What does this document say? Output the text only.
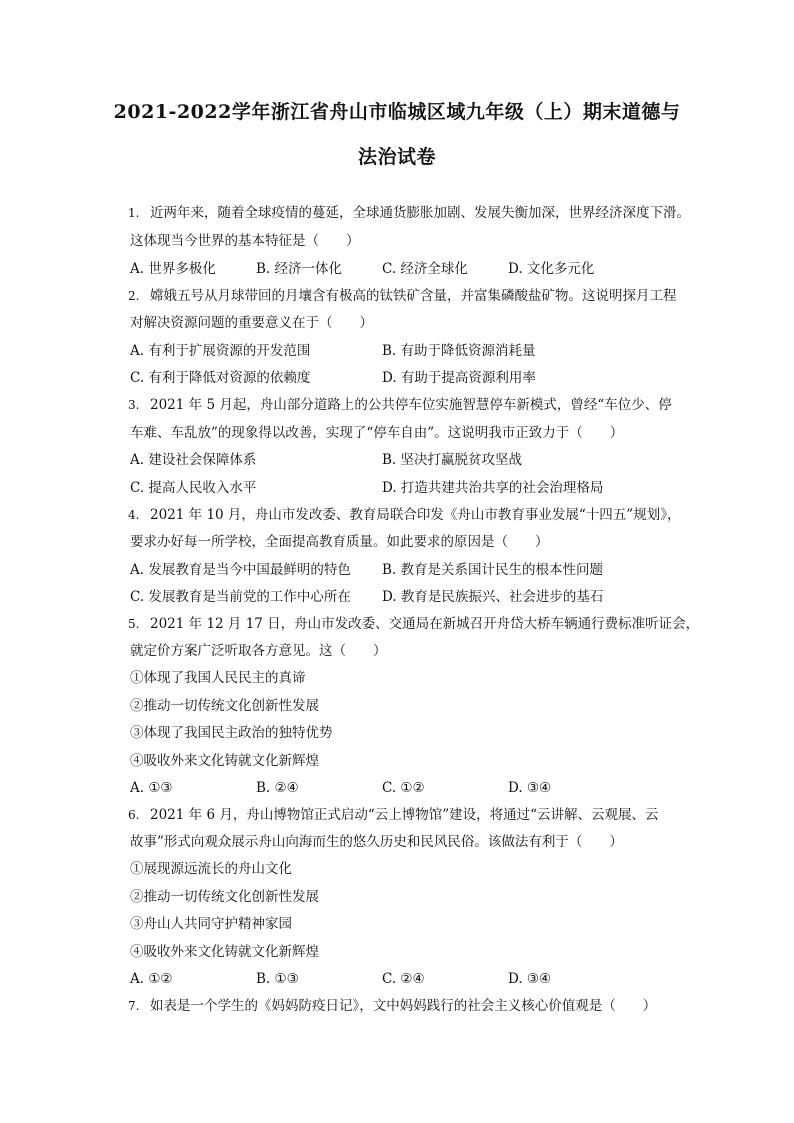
2021-2022学年浙江省舟山市临城区域九年级（上）期末道德与
法治试卷
1. 近两年来，随着全球疫情的蔓延，全球通货膨胀加剧、发展失衡加深，世界经济深度下滑。
这体现当今世界的基本特征是（　　）
A. 世界多极化	B. 经济一体化	C. 经济全球化	D. 文化多元化
2. 嫦娥五号从月球带回的月壤含有极高的钛铁矿含量，并富集磷酸盐矿物。这说明探月工程
对解决资源问题的重要意义在于（　　）
A. 有利于扩展资源的开发范围	B. 有助于降低资源消耗量
C. 有利于降低对资源的依赖度	D. 有助于提高资源利用率
3. 2021 年 5 月起，舟山部分道路上的公共停车位实施智慧停车新模式，曾经“车位少、停
车难、车乱放”的现象得以改善，实现了“停车自由”。这说明我市正致力于（　　）
A. 建设社会保障体系	B. 坚决打赢脱贫攻坚战
C. 提高人民收入水平	D. 打造共建共治共享的社会治理格局
4. 2021 年 10 月，舟山市发改委、教育局联合印发《舟山市教育事业发展“十四五”规划》，
要求办好每一所学校，全面提高教育质量。如此要求的原因是（　　）
A. 发展教育是当今中国最鲜明的特色 B. 教育是关系国计民生的根本性问题
C. 发展教育是当前党的工作中心所在 D. 教育是民族振兴、社会进步的基石
5. 2021 年 12 月 17 日，舟山市发改委、交通局在新城召开舟岱大桥车辆通行费标准听证会，
就定价方案广泛听取各方意见。这（　　）
①体现了我国人民民主的真谛
②推动一切传统文化创新性发展
③体现了我国民主政治的独特优势
④吸收外来文化铸就文化新辉煌
A. ①③	B. ②④	C. ①②	D. ③④
6. 2021 年 6 月，舟山博物馆正式启动“云上博物馆”建设，将通过“云讲解、云观展、云
故事”形式向观众展示舟山向海而生的悠久历史和民风民俗。该做法有利于（　　）
①展现源远流长的舟山文化
②推动一切传统文化创新性发展
③舟山人共同守护精神家园
④吸收外来文化铸就文化新辉煌
A. ①②	B. ①③	C. ②④	D. ③④
7. 如表是一个学生的《妈妈防疫日记》，文中妈妈践行的社会主义核心价值观是（　　）
